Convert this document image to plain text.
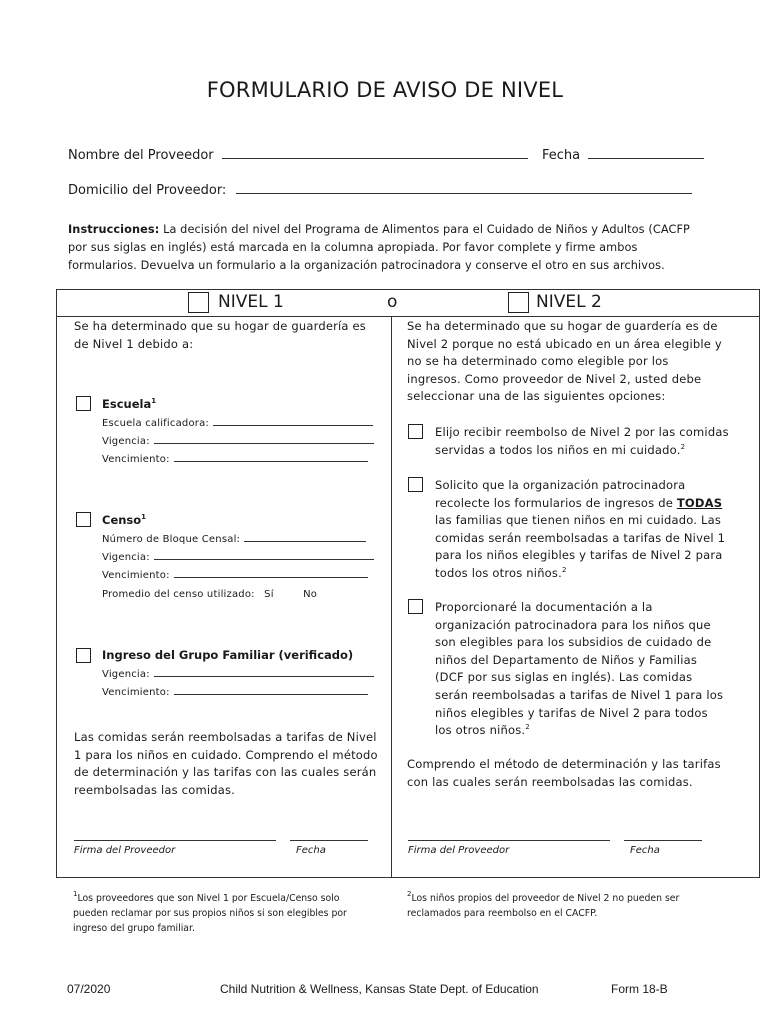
FORMULARIO DE AVISO DE NIVEL
Nombre del Proveedor	Fecha
Domicilio del Proveedor:
Instrucciones: La decisión del nivel del Programa de Alimentos para el Cuidado de Niños y Adultos (CACFP por sus siglas en inglés) está marcada en la columna apropiada. Por favor complete y firme ambos formularios. Devuelva un formulario a la organización patrocinadora y conserve el otro en sus archivos.
NIVEL 1	o	NIVEL 2
Se ha determinado que su hogar de guardería es de Nivel 1 debido a:
Escuela$^1$
Escuela calificadora:
Vigencia:
Vencimiento:
Censo$^1$
Número de Bloque Censal:
Vigencia:
Vencimiento:
Promedio del censo utilizado: Sí	No
Ingreso del Grupo Familiar (verificado)
Vigencia:
Vencimiento:
Las comidas serán reembolsadas a tarifas de Nivel 1 para los niños en cuidado. Comprendo el método de determinación y las tarifas con las cuales serán reembolsadas las comidas.
Firma del Proveedor	Fecha
Se ha determinado que su hogar de guardería es de Nivel 2 porque no está ubicado en un área elegible y no se ha determinado como elegible por los ingresos. Como proveedor de Nivel 2, usted debe seleccionar una de las siguientes opciones:
Elijo recibir reembolso de Nivel 2 por las comidas servidas a todos los niños en mi cuidado.$^2$
Solicito que la organización patrocinadora recolecte los formularios de ingresos de TODAS las familias que tienen niños en mi cuidado. Las comidas serán reembolsadas a tarifas de Nivel 1 para los niños elegibles y tarifas de Nivel 2 para todos los otros niños.$^2$
Proporcionaré la documentación a la organización patrocinadora para los niños que son elegibles para los subsidios de cuidado de niños del Departamento de Niños y Familias (DCF por sus siglas en inglés). Las comidas serán reembolsadas a tarifas de Nivel 1 para los niños elegibles y tarifas de Nivel 2 para todos los otros niños.$^2$
Comprendo el método de determinación y las tarifas con las cuales serán reembolsadas las comidas.
Firma del Proveedor	Fecha
$^1$Los proveedores que son Nivel 1 por Escuela/Censo solo pueden reclamar por sus propios niños si son elegibles por ingreso del grupo familiar.
$^2$Los niños propios del proveedor de Nivel 2 no pueden ser reclamados para reembolso en el CACFP.
07/2020	Child Nutrition & Wellness, Kansas State Dept. of Education	Form 18-B
